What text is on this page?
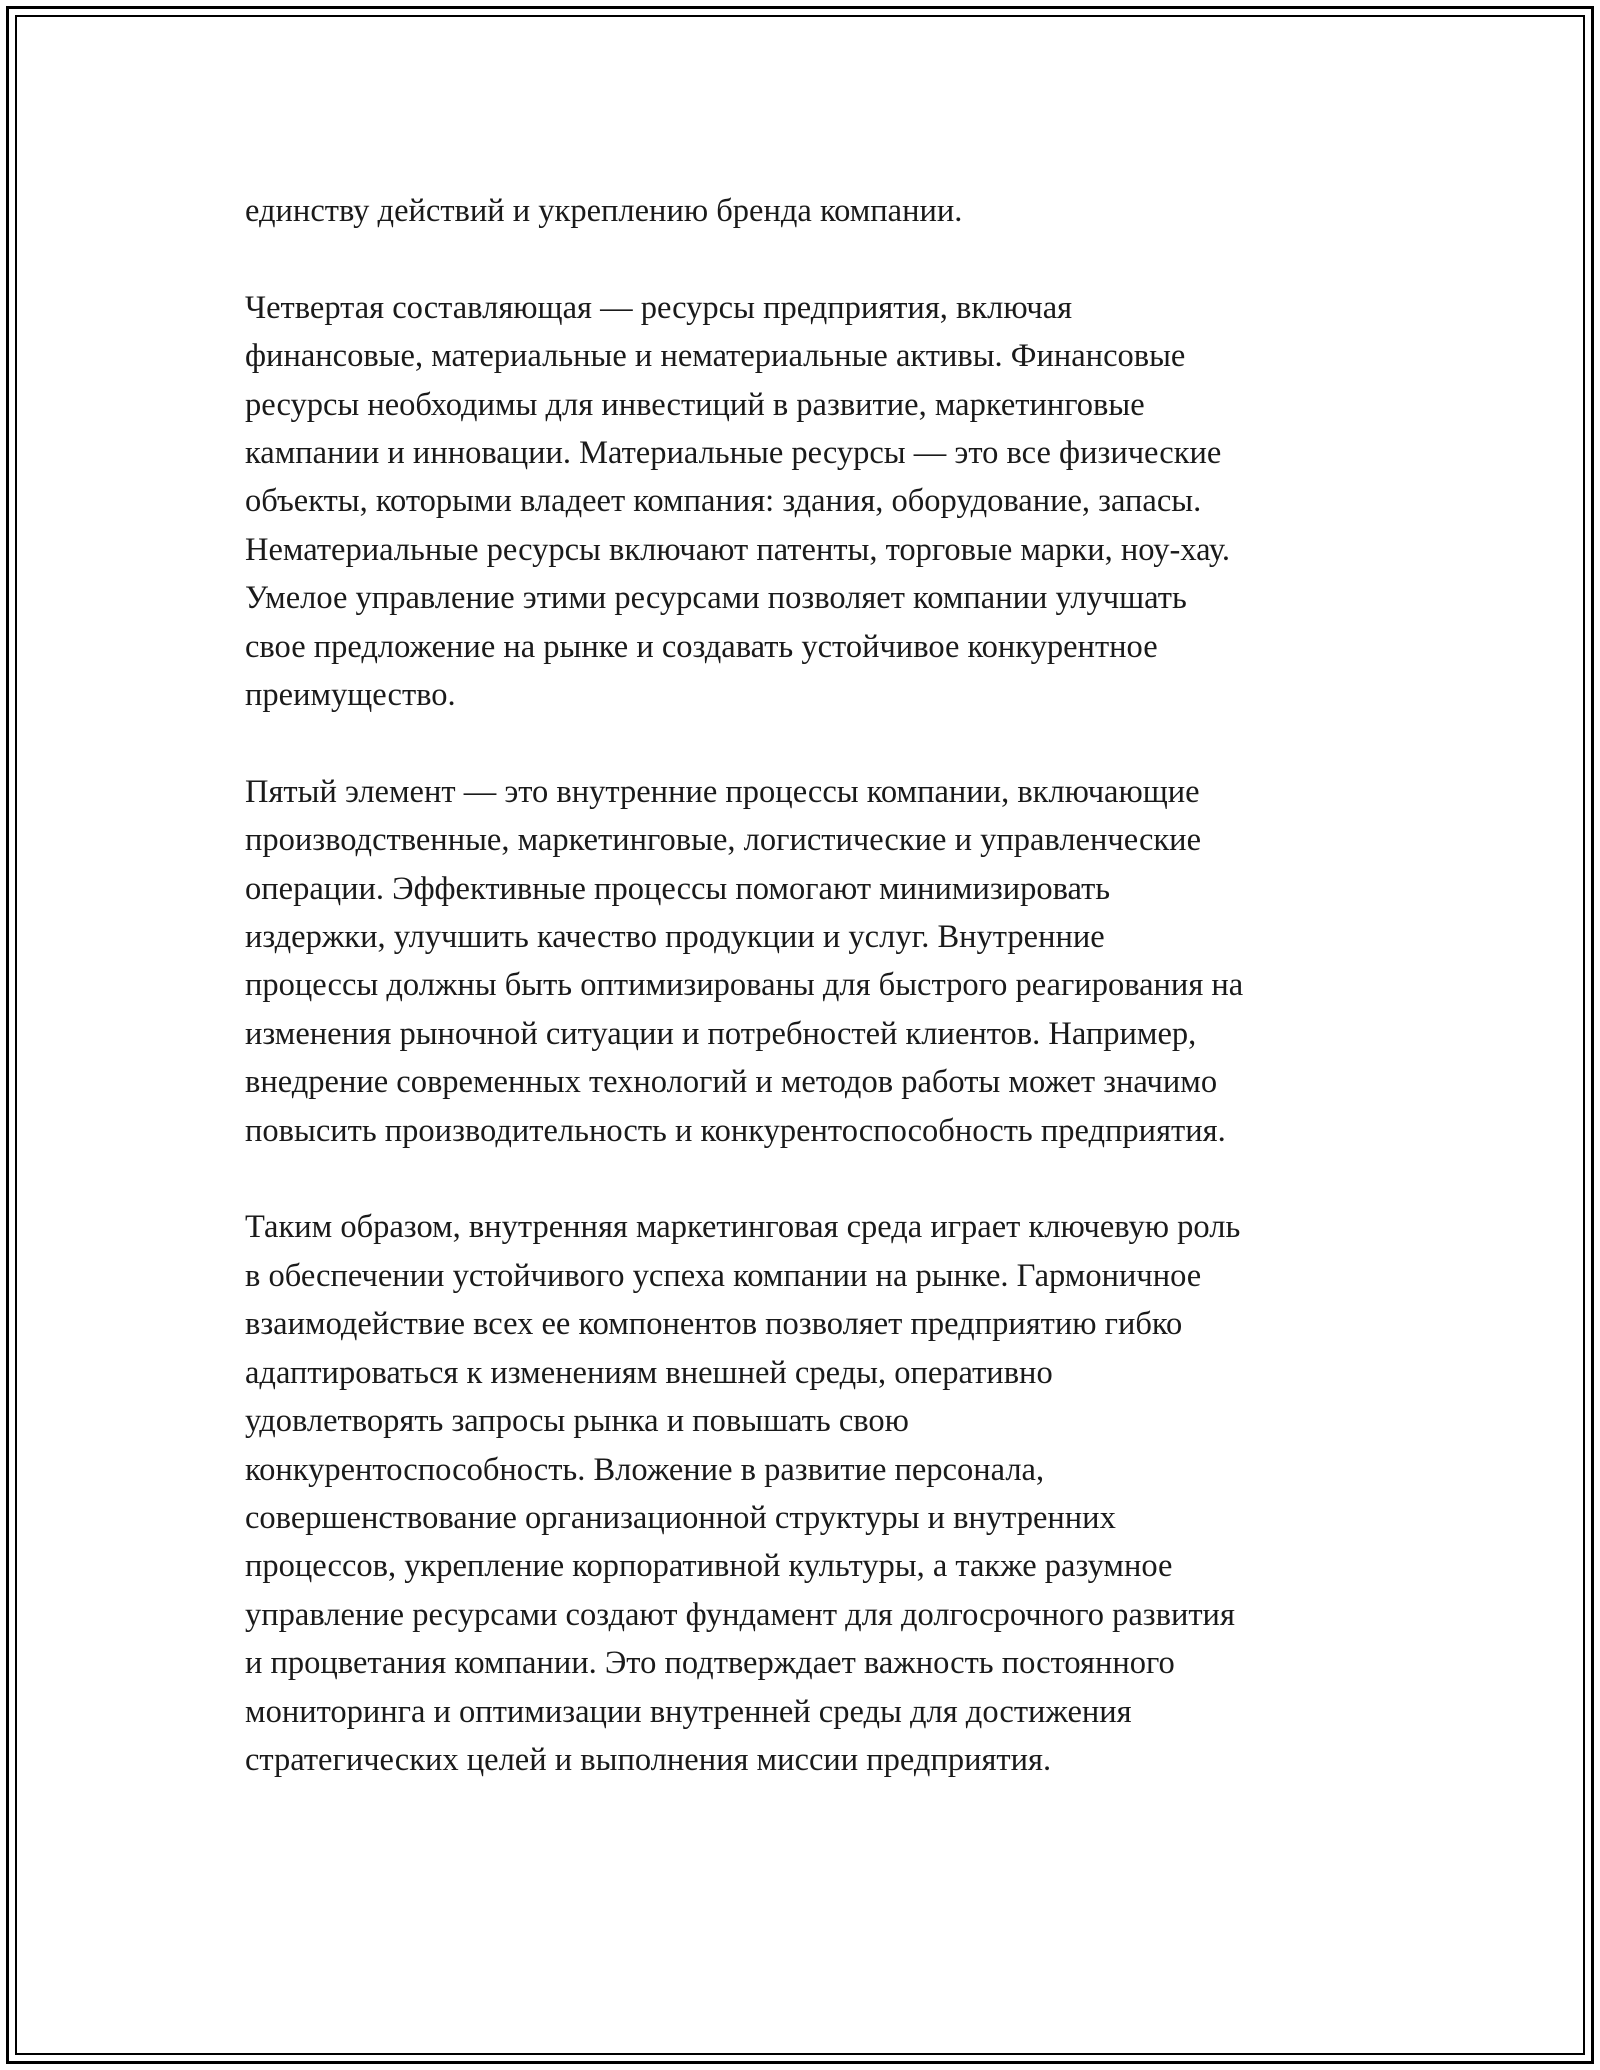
единству действий и укреплению бренда компании.
Четвертая составляющая — ресурсы предприятия, включая
финансовые, материальные и нематериальные активы. Финансовые
ресурсы необходимы для инвестиций в развитие, маркетинговые
кампании и инновации. Материальные ресурсы — это все физические
объекты, которыми владеет компания: здания, оборудование, запасы.
Нематериальные ресурсы включают патенты, торговые марки, ноу-хау.
Умелое управление этими ресурсами позволяет компании улучшать
свое предложение на рынке и создавать устойчивое конкурентное
преимущество.
Пятый элемент — это внутренние процессы компании, включающие
производственные, маркетинговые, логистические и управленческие
операции. Эффективные процессы помогают минимизировать
издержки, улучшить качество продукции и услуг. Внутренние
процессы должны быть оптимизированы для быстрого реагирования на
изменения рыночной ситуации и потребностей клиентов. Например,
внедрение современных технологий и методов работы может значимо
повысить производительность и конкурентоспособность предприятия.
Таким образом, внутренняя маркетинговая среда играет ключевую роль
в обеспечении устойчивого успеха компании на рынке. Гармоничное
взаимодействие всех ее компонентов позволяет предприятию гибко
адаптироваться к изменениям внешней среды, оперативно
удовлетворять запросы рынка и повышать свою
конкурентоспособность. Вложение в развитие персонала,
совершенствование организационной структуры и внутренних
процессов, укрепление корпоративной культуры, а также разумное
управление ресурсами создают фундамент для долгосрочного развития
и процветания компании. Это подтверждает важность постоянного
мониторинга и оптимизации внутренней среды для достижения
стратегических целей и выполнения миссии предприятия.
